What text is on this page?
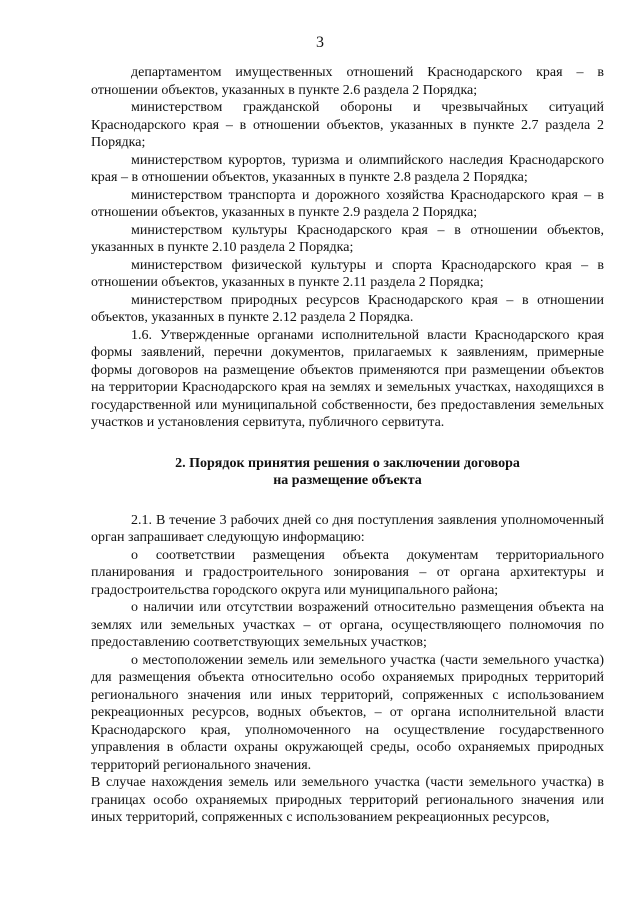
3

департаментом имущественных отношений Краснодарского края – в отношении объектов, указанных в пункте 2.6 раздела 2 Порядка;

министерством гражданской обороны и чрезвычайных ситуаций Краснодарского края – в отношении объектов, указанных в пункте 2.7 раздела 2 Порядка;

министерством курортов, туризма и олимпийского наследия Краснодарского края – в отношении объектов, указанных в пункте 2.8 раздела 2 Порядка;

министерством транспорта и дорожного хозяйства Краснодарского края – в отношении объектов, указанных в пункте 2.9 раздела 2 Порядка;

министерством культуры Краснодарского края – в отношении объектов, указанных в пункте 2.10 раздела 2 Порядка;

министерством физической культуры и спорта Краснодарского края – в отношении объектов, указанных в пункте 2.11 раздела 2 Порядка;

министерством природных ресурсов Краснодарского края – в отношении объектов, указанных в пункте 2.12 раздела 2 Порядка.

1.6. Утвержденные органами исполнительной власти Краснодарского края формы заявлений, перечни документов, прилагаемых к заявлениям, примерные формы договоров на размещение объектов применяются при размещении объектов на территории Краснодарского края на землях и земельных участках, находящихся в государственной или муниципальной собственности, без предоставления земельных участков и установления сервитута, публичного сервитута.

2. Порядок принятия решения о заключении договора
на размещение объекта

2.1. В течение 3 рабочих дней со дня поступления заявления уполномоченный орган запрашивает следующую информацию:

о соответствии размещения объекта документам территориального планирования и градостроительного зонирования – от органа архитектуры и градостроительства городского округа или муниципального района;

о наличии или отсутствии возражений относительно размещения объекта на землях или земельных участках – от органа, осуществляющего полномочия по предоставлению соответствующих земельных участков;

о местоположении земель или земельного участка (части земельного участка) для размещения объекта относительно особо охраняемых природных территорий регионального значения или иных территорий, сопряженных с использованием рекреационных ресурсов, водных объектов, – от органа исполнительной власти Краснодарского края, уполномоченного на осуществление государственного управления в области охраны окружающей среды, особо охраняемых природных территорий регионального значения.

В случае нахождения земель или земельного участка (части земельного участка) в границах особо охраняемых природных территорий регионального значения или иных территорий, сопряженных с использованием рекреационных ресурсов,
